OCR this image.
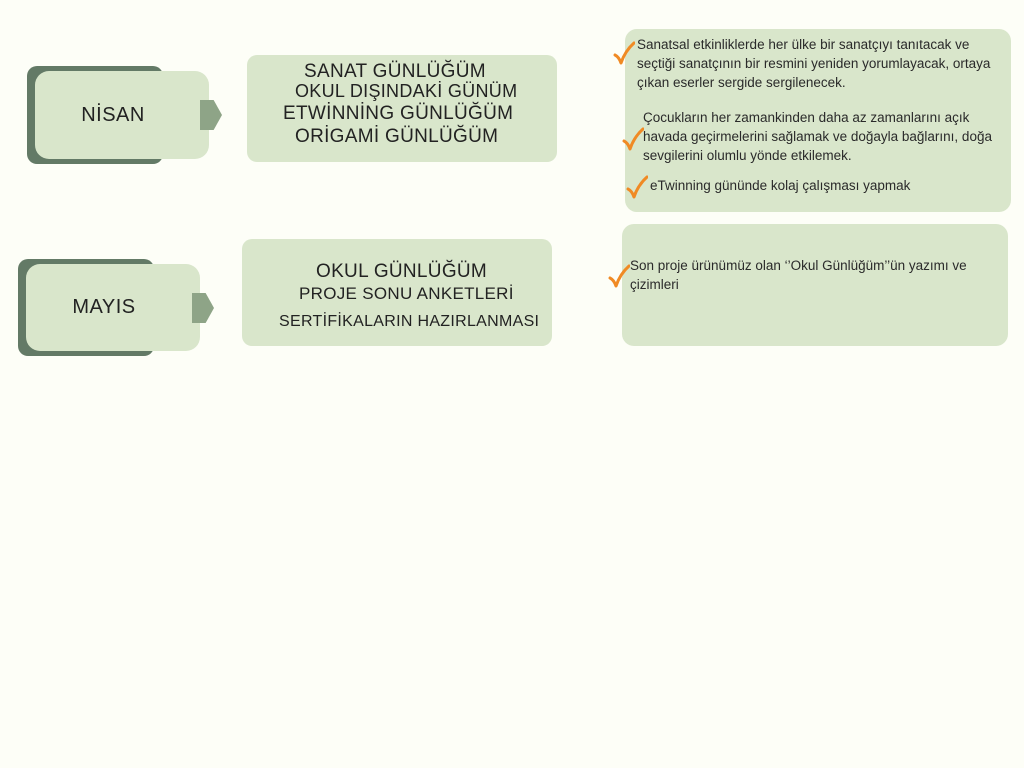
NİSAN
SANAT GÜNLÜĞÜM
OKUL DIŞINDAKİ GÜNÜM
ETWİNNİNG GÜNLÜĞÜM
ORİGAMİ GÜNLÜĞÜM
Sanatsal etkinliklerde her ülke bir sanatçıyı tanıtacak ve seçtiği sanatçının bir resmini yeniden yorumlayacak, ortaya çıkan eserler sergide sergilenecek.
Çocukların her zamankinden daha az zamanlarını açık havada geçirmelerini sağlamak ve doğayla bağlarını, doğa sevgilerini olumlu yönde etkilemek.
eTwinning gününde kolaj çalışması yapmak
MAYIS
OKUL GÜNLÜĞÜM
PROJE SONU ANKETLERİ
SERTİFİKALARIN HAZIRLANMASI
Son proje ürünümüz olan ‘’Okul Günlüğüm’’ün yazımı ve çizimleri
